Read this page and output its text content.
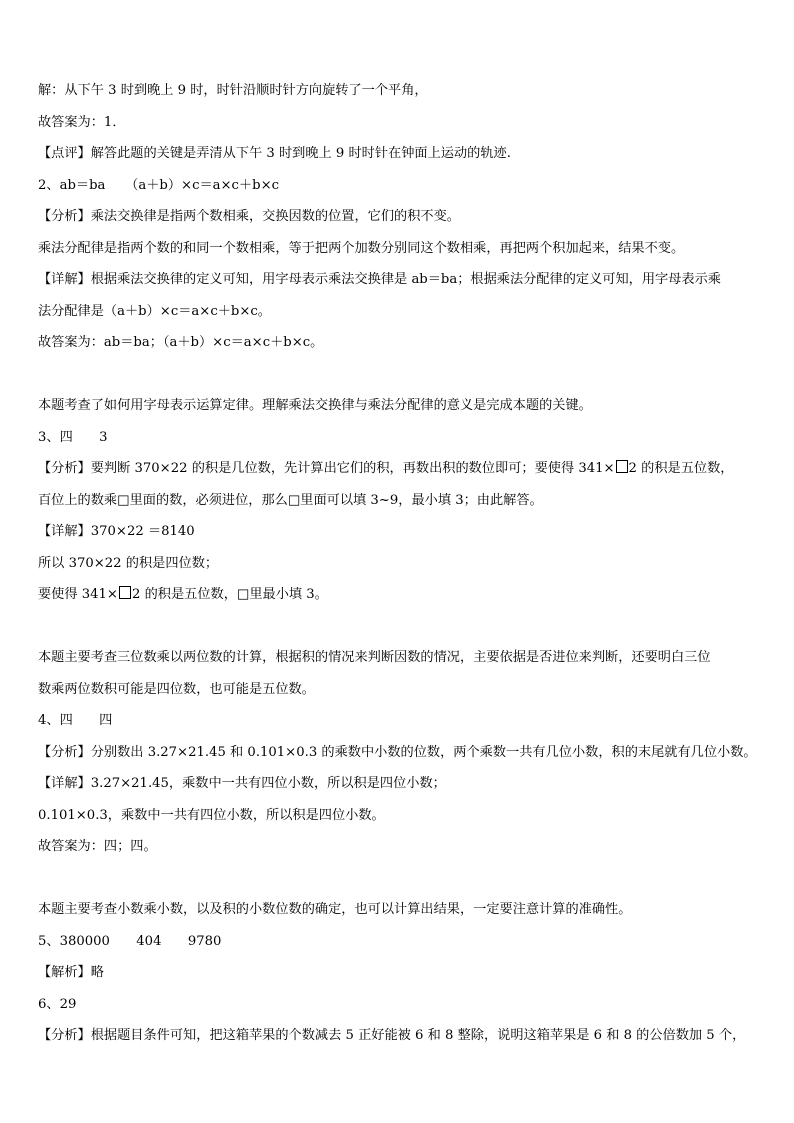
解：从下午 3 时到晚上 9 时，时针沿顺时针方向旋转了一个平角，
故答案为：1．
【点评】解答此题的关键是弄清从下午 3 时到晚上 9 时时针在钟面上运动的轨迹.
2、ab＝ba　　（a＋b）×c＝a×c＋b×c
【分析】乘法交换律是指两个数相乘，交换因数的位置，它们的积不变。
乘法分配律是指两个数的和同一个数相乘，等于把两个加数分别同这个数相乘，再把两个积加起来，结果不变。
【详解】根据乘法交换律的定义可知，用字母表示乘法交换律是 ab＝ba；根据乘法分配律的定义可知，用字母表示乘
法分配律是（a＋b）×c＝a×c＋b×c。
故答案为：ab＝ba；（a＋b）×c＝a×c＋b×c。
本题考查了如何用字母表示运算定律。理解乘法交换律与乘法分配律的意义是完成本题的关键。
3、四　　3
【分析】要判断 370×22 的积是几位数，先计算出它们的积，再数出积的数位即可；要使得 341× 2 的积是五位数，
百位上的数乘□里面的数，必须进位，那么□里面可以填 3~9，最小填 3；由此解答。
【详解】370×22 ＝8140
所以 370×22 的积是四位数；
要使得 341× 2 的积是五位数，□里最小填 3。
本题主要考查三位数乘以两位数的计算，根据积的情况来判断因数的情况，主要依据是否进位来判断，还要明白三位
数乘两位数积可能是四位数，也可能是五位数。
4、四　　四
【分析】分别数出 3.27×21.45 和 0.101×0.3 的乘数中小数的位数，两个乘数一共有几位小数，积的末尾就有几位小数。
【详解】3.27×21.45，乘数中一共有四位小数，所以积是四位小数；
0.101×0.3，乘数中一共有四位小数，所以积是四位小数。
故答案为：四；四。
本题主要考查小数乘小数，以及积的小数位数的确定，也可以计算出结果，一定要注意计算的准确性。
5、380000　　404　　9780
【解析】略
6、29
【分析】根据题目条件可知，把这箱苹果的个数减去 5 正好能被 6 和 8 整除，说明这箱苹果是 6 和 8 的公倍数加 5 个，
